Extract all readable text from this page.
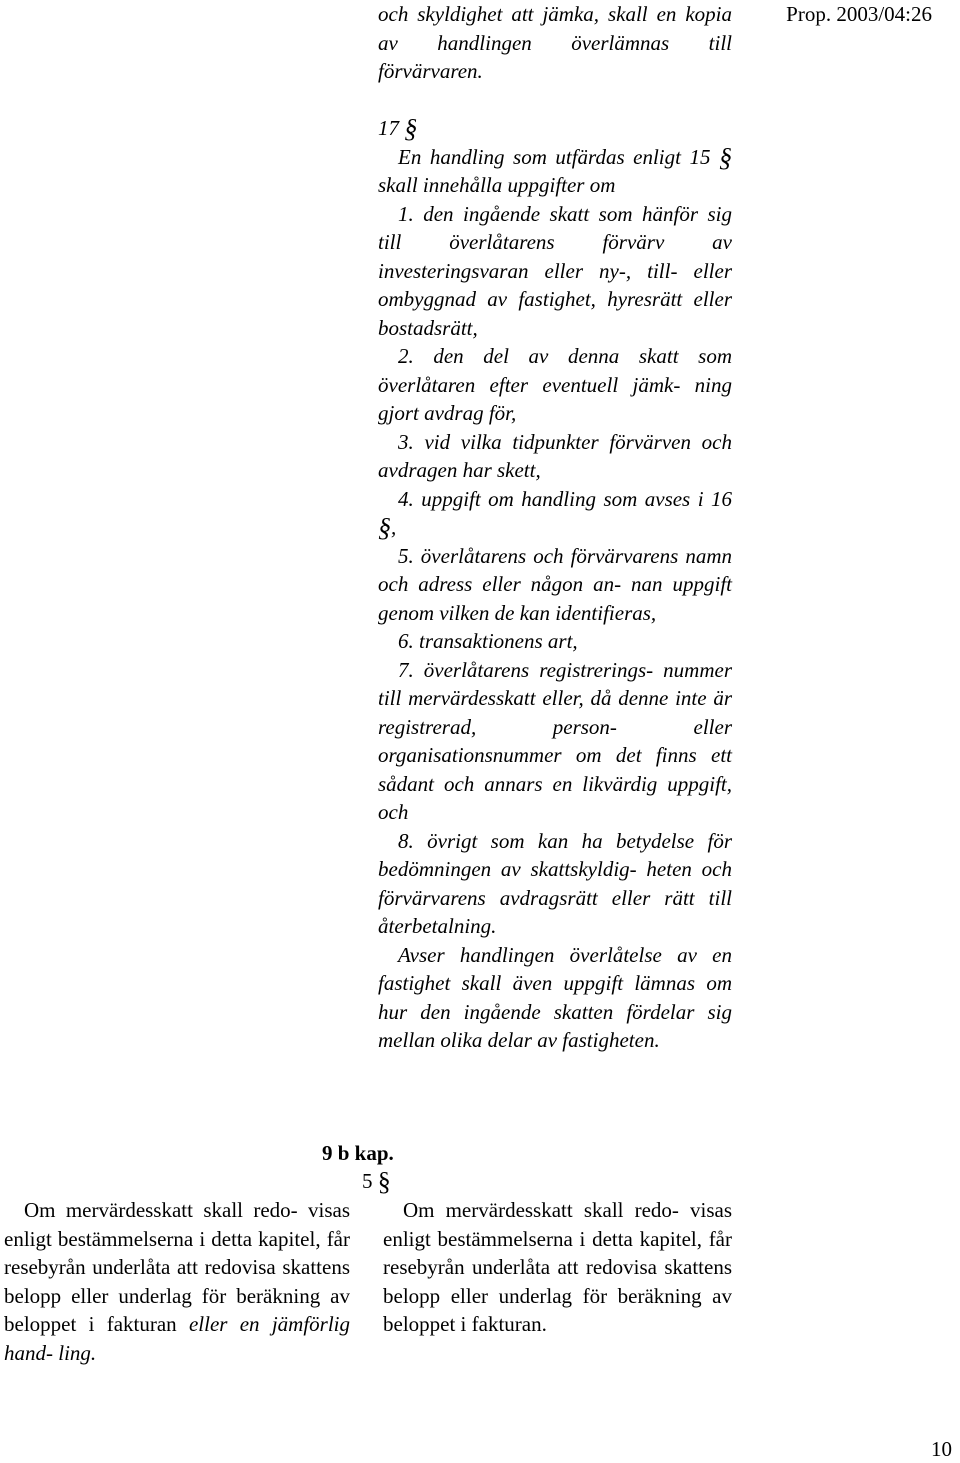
Prop. 2003/04:26

och skyldighet att jämka, skall en kopia av handlingen överlämnas till förvärvaren.

17 §

En handling som utfärdas enligt 15 § skall innehålla uppgifter om

1. den ingående skatt som hänför sig till överlåtarens förvärv av investeringsvaran eller ny-, till- eller ombyggnad av fastighet, hyresrätt eller bostadsrätt,

2. den del av denna skatt som överlåtaren efter eventuell jämk- ning gjort avdrag för,

3. vid vilka tidpunkter förvärven och avdragen har skett,

4. uppgift om handling som avses i 16 §,

5. överlåtarens och förvärvarens namn och adress eller någon an- nan uppgift genom vilken de kan identifieras,

6. transaktionens art,

7. överlåtarens registrerings- nummer till mervärdesskatt eller, då denne inte är registrerad, person- eller organisationsnummer om det finns ett sådant och annars en likvärdig uppgift, och

8. övrigt som kan ha betydelse för bedömningen av skattskyldig- heten och förvärvarens avdragsrätt eller rätt till återbetalning.

Avser handlingen överlåtelse av en fastighet skall även uppgift lämnas om hur den ingående skatten fördelar sig mellan olika delar av fastigheten.

9 b kap.
5 §

Om mervärdesskatt skall redo- visas enligt bestämmelserna i detta kapitel, får resebyrån underlåta att redovisa skattens belopp eller underlag för beräkning av beloppet i fakturan eller en jämförlig hand- ling.

Om mervärdesskatt skall redo- visas enligt bestämmelserna i detta kapitel, får resebyrån underlåta att redovisa skattens belopp eller underlag för beräkning av beloppet i fakturan.

10
